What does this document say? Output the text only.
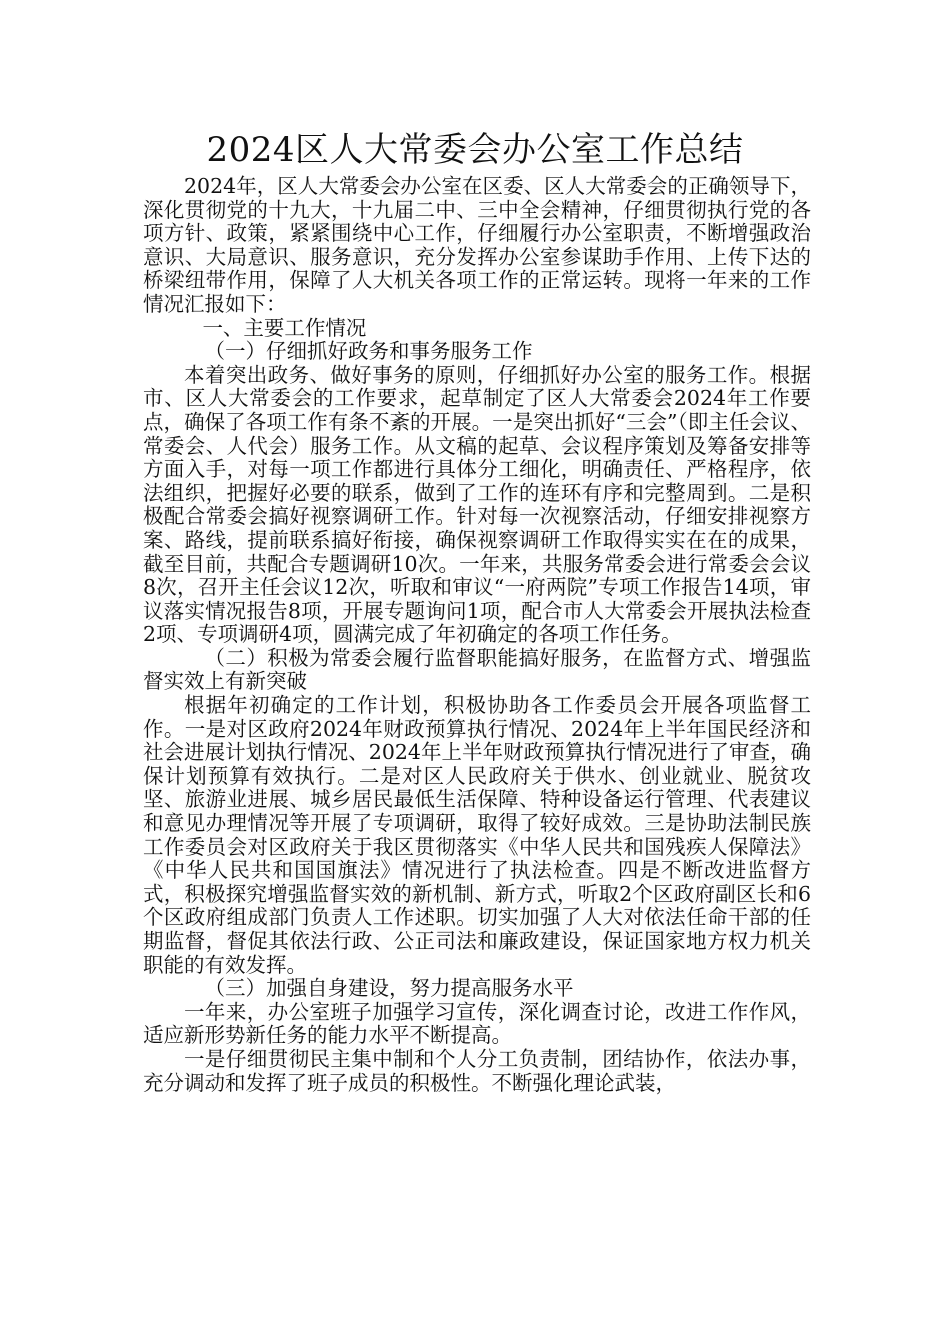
2024区人大常委会办公室工作总结

2024年，区人大常委会办公室在区委、区人大常委会的正确领导下，深化贯彻党的十九大，十九届二中、三中全会精神，仔细贯彻执行党的各项方针、政策，紧紧围绕中心工作，仔细履行办公室职责，不断增强政治意识、大局意识、服务意识，充分发挥办公室参谋助手作用、上传下达的桥梁纽带作用，保障了人大机关各项工作的正常运转。现将一年来的工作情况汇报如下：

一、主要工作情况

（一）仔细抓好政务和事务服务工作

本着突出政务、做好事务的原则，仔细抓好办公室的服务工作。根据市、区人大常委会的工作要求，起草制定了区人大常委会2024年工作要点，确保了各项工作有条不紊的开展。一是突出抓好“三会”（即主任会议、常委会、人代会）服务工作。从文稿的起草、会议程序策划及筹备安排等方面入手，对每一项工作都进行具体分工细化，明确责任、严格程序，依法组织，把握好必要的联系，做到了工作的连环有序和完整周到。二是积极配合常委会搞好视察调研工作。针对每一次视察活动，仔细安排视察方案、路线，提前联系搞好衔接，确保视察调研工作取得实实在在的成果，截至目前，共配合专题调研10次。一年来，共服务常委会进行常委会会议8次，召开主任会议12次，听取和审议“一府两院”专项工作报告14项，审议落实情况报告8项，开展专题询问1项，配合市人大常委会开展执法检查2项、专项调研4项，圆满完成了年初确定的各项工作任务。

（二）积极为常委会履行监督职能搞好服务，在监督方式、增强监督实效上有新突破

根据年初确定的工作计划，积极协助各工作委员会开展各项监督工作。一是对区政府2024年财政预算执行情况、2024年上半年国民经济和社会进展计划执行情况、2024年上半年财政预算执行情况进行了审查，确保计划预算有效执行。二是对区人民政府关于供水、创业就业、脱贫攻坚、旅游业进展、城乡居民最低生活保障、特种设备运行管理、代表建议和意见办理情况等开展了专项调研，取得了较好成效。三是协助法制民族工作委员会对区政府关于我区贯彻落实《中华人民共和国残疾人保障法》《中华人民共和国国旗法》情况进行了执法检查。四是不断改进监督方式，积极探究增强监督实效的新机制、新方式，听取2个区政府副区长和6个区政府组成部门负责人工作述职。切实加强了人大对依法任命干部的任期监督，督促其依法行政、公正司法和廉政建设，保证国家地方权力机关职能的有效发挥。

（三）加强自身建设，努力提高服务水平

一年来，办公室班子加强学习宣传，深化调查讨论，改进工作作风，适应新形势新任务的能力水平不断提高。

一是仔细贯彻民主集中制和个人分工负责制，团结协作，依法办事，充分调动和发挥了班子成员的积极性。不断强化理论武装，
